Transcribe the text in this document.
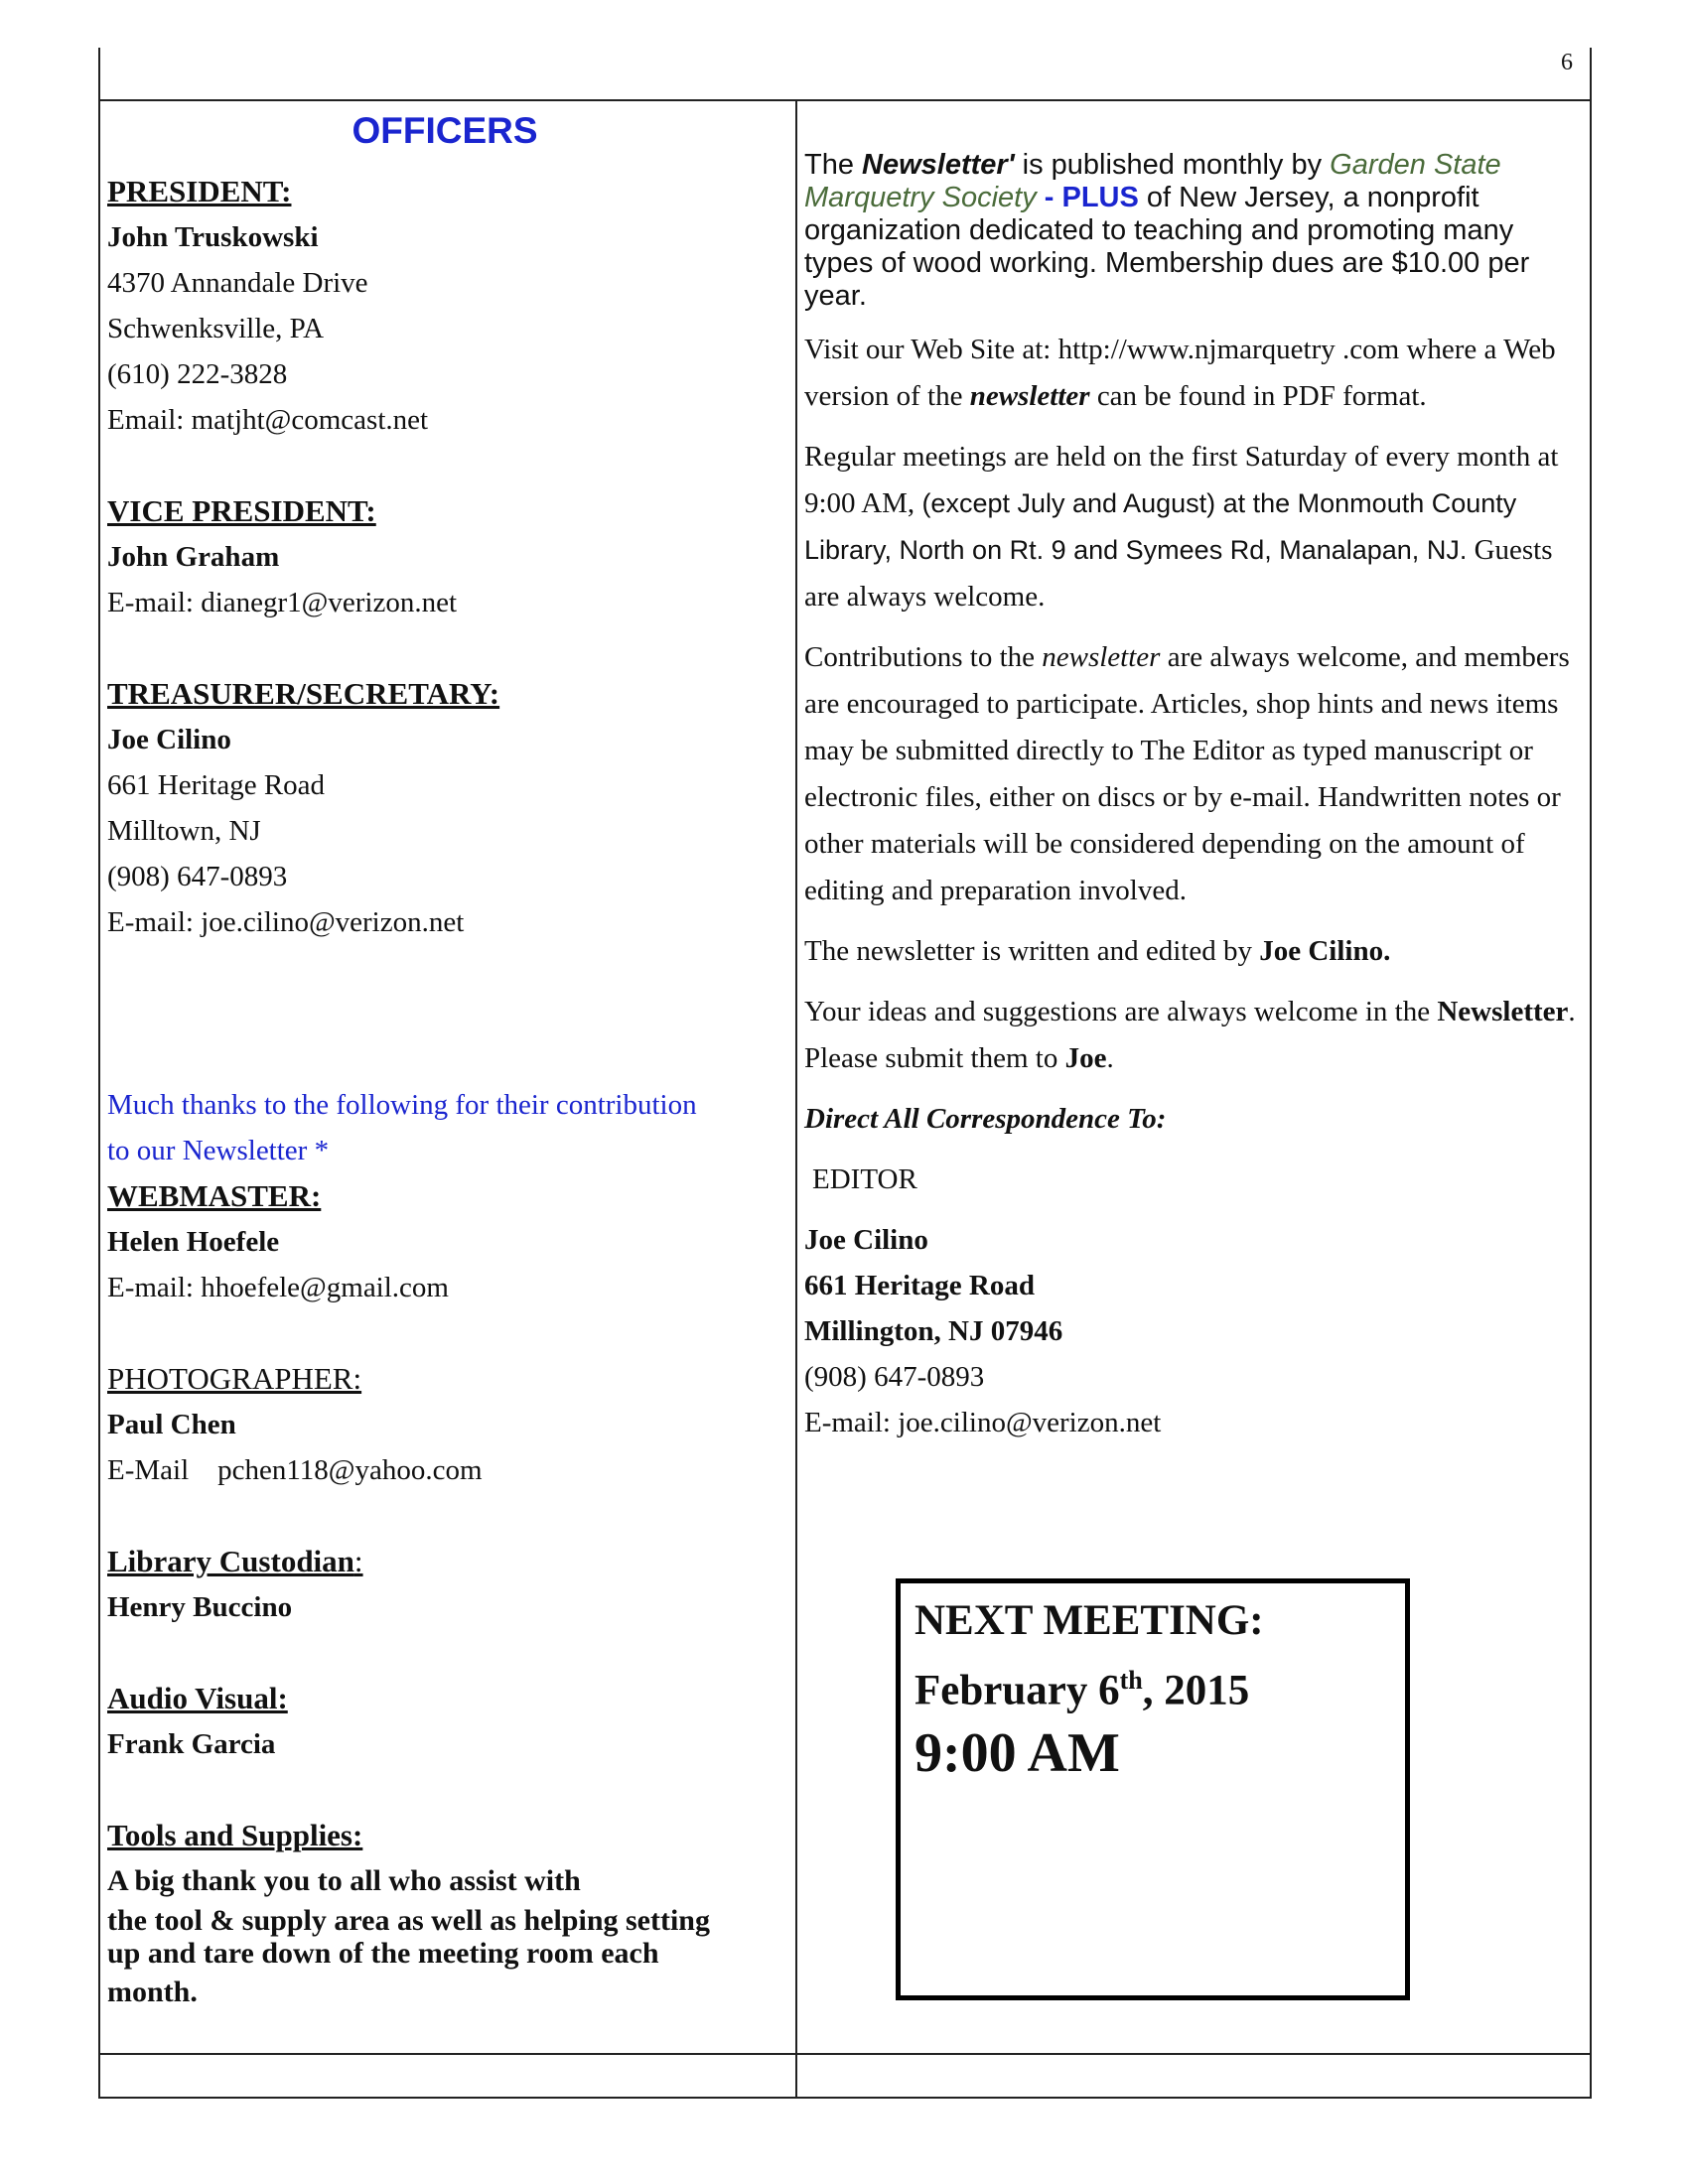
6
OFFICERS
PRESIDENT:
John Truskowski
4370 Annandale Drive
Schwenksville, PA
(610) 222-3828
Email: matjht@comcast.net
VICE PRESIDENT:
John Graham
E-mail: dianegr1@verizon.net
TREASURER/SECRETARY:
Joe Cilino
661 Heritage Road
Milltown, NJ
(908) 647-0893
E-mail: joe.cilino@verizon.net
Much thanks to the following for their contribution
to our Newsletter *
WEBMASTER:
Helen Hoefele
E-mail: hhoefele@gmail.com
PHOTOGRAPHER:
Paul Chen
E-Mail    pchen118@yahoo.com
Library Custodian:
Henry Buccino
Audio Visual:
Frank Garcia
Tools and Supplies:
A big thank you to all who assist with
the tool & supply area as well as helping setting
up and tare down of the meeting room each
month.

The Newsletter' is published monthly by Garden State Marquetry Society - PLUS of New Jersey, a nonprofit organization dedicated to teaching and promoting many types of wood working. Membership dues are $10.00 per year.

Visit our Web Site at: http://www.njmarquetry .com where a Web version of the newsletter can be found in PDF format.

Regular meetings are held on the first Saturday of every month at 9:00 AM, (except July and August) at the Monmouth County Library, North on Rt. 9 and Symees Rd, Manalapan, NJ. Guests are always welcome.

Contributions to the newsletter are always welcome, and members are encouraged to participate. Articles, shop hints and news items may be submitted directly to The Editor as typed manuscript or electronic files, either on discs or by e-mail. Handwritten notes or other materials will be considered depending on the amount of editing and preparation involved.

The newsletter is written and edited by Joe Cilino.

Your ideas and suggestions are always welcome in the Newsletter. Please submit them to Joe.

Direct All Correspondence To:

EDITOR

Joe Cilino
661 Heritage Road
Millington, NJ 07946
(908) 647-0893
E-mail: joe.cilino@verizon.net
NEXT MEETING:
February 6th, 2015
9:00 AM
